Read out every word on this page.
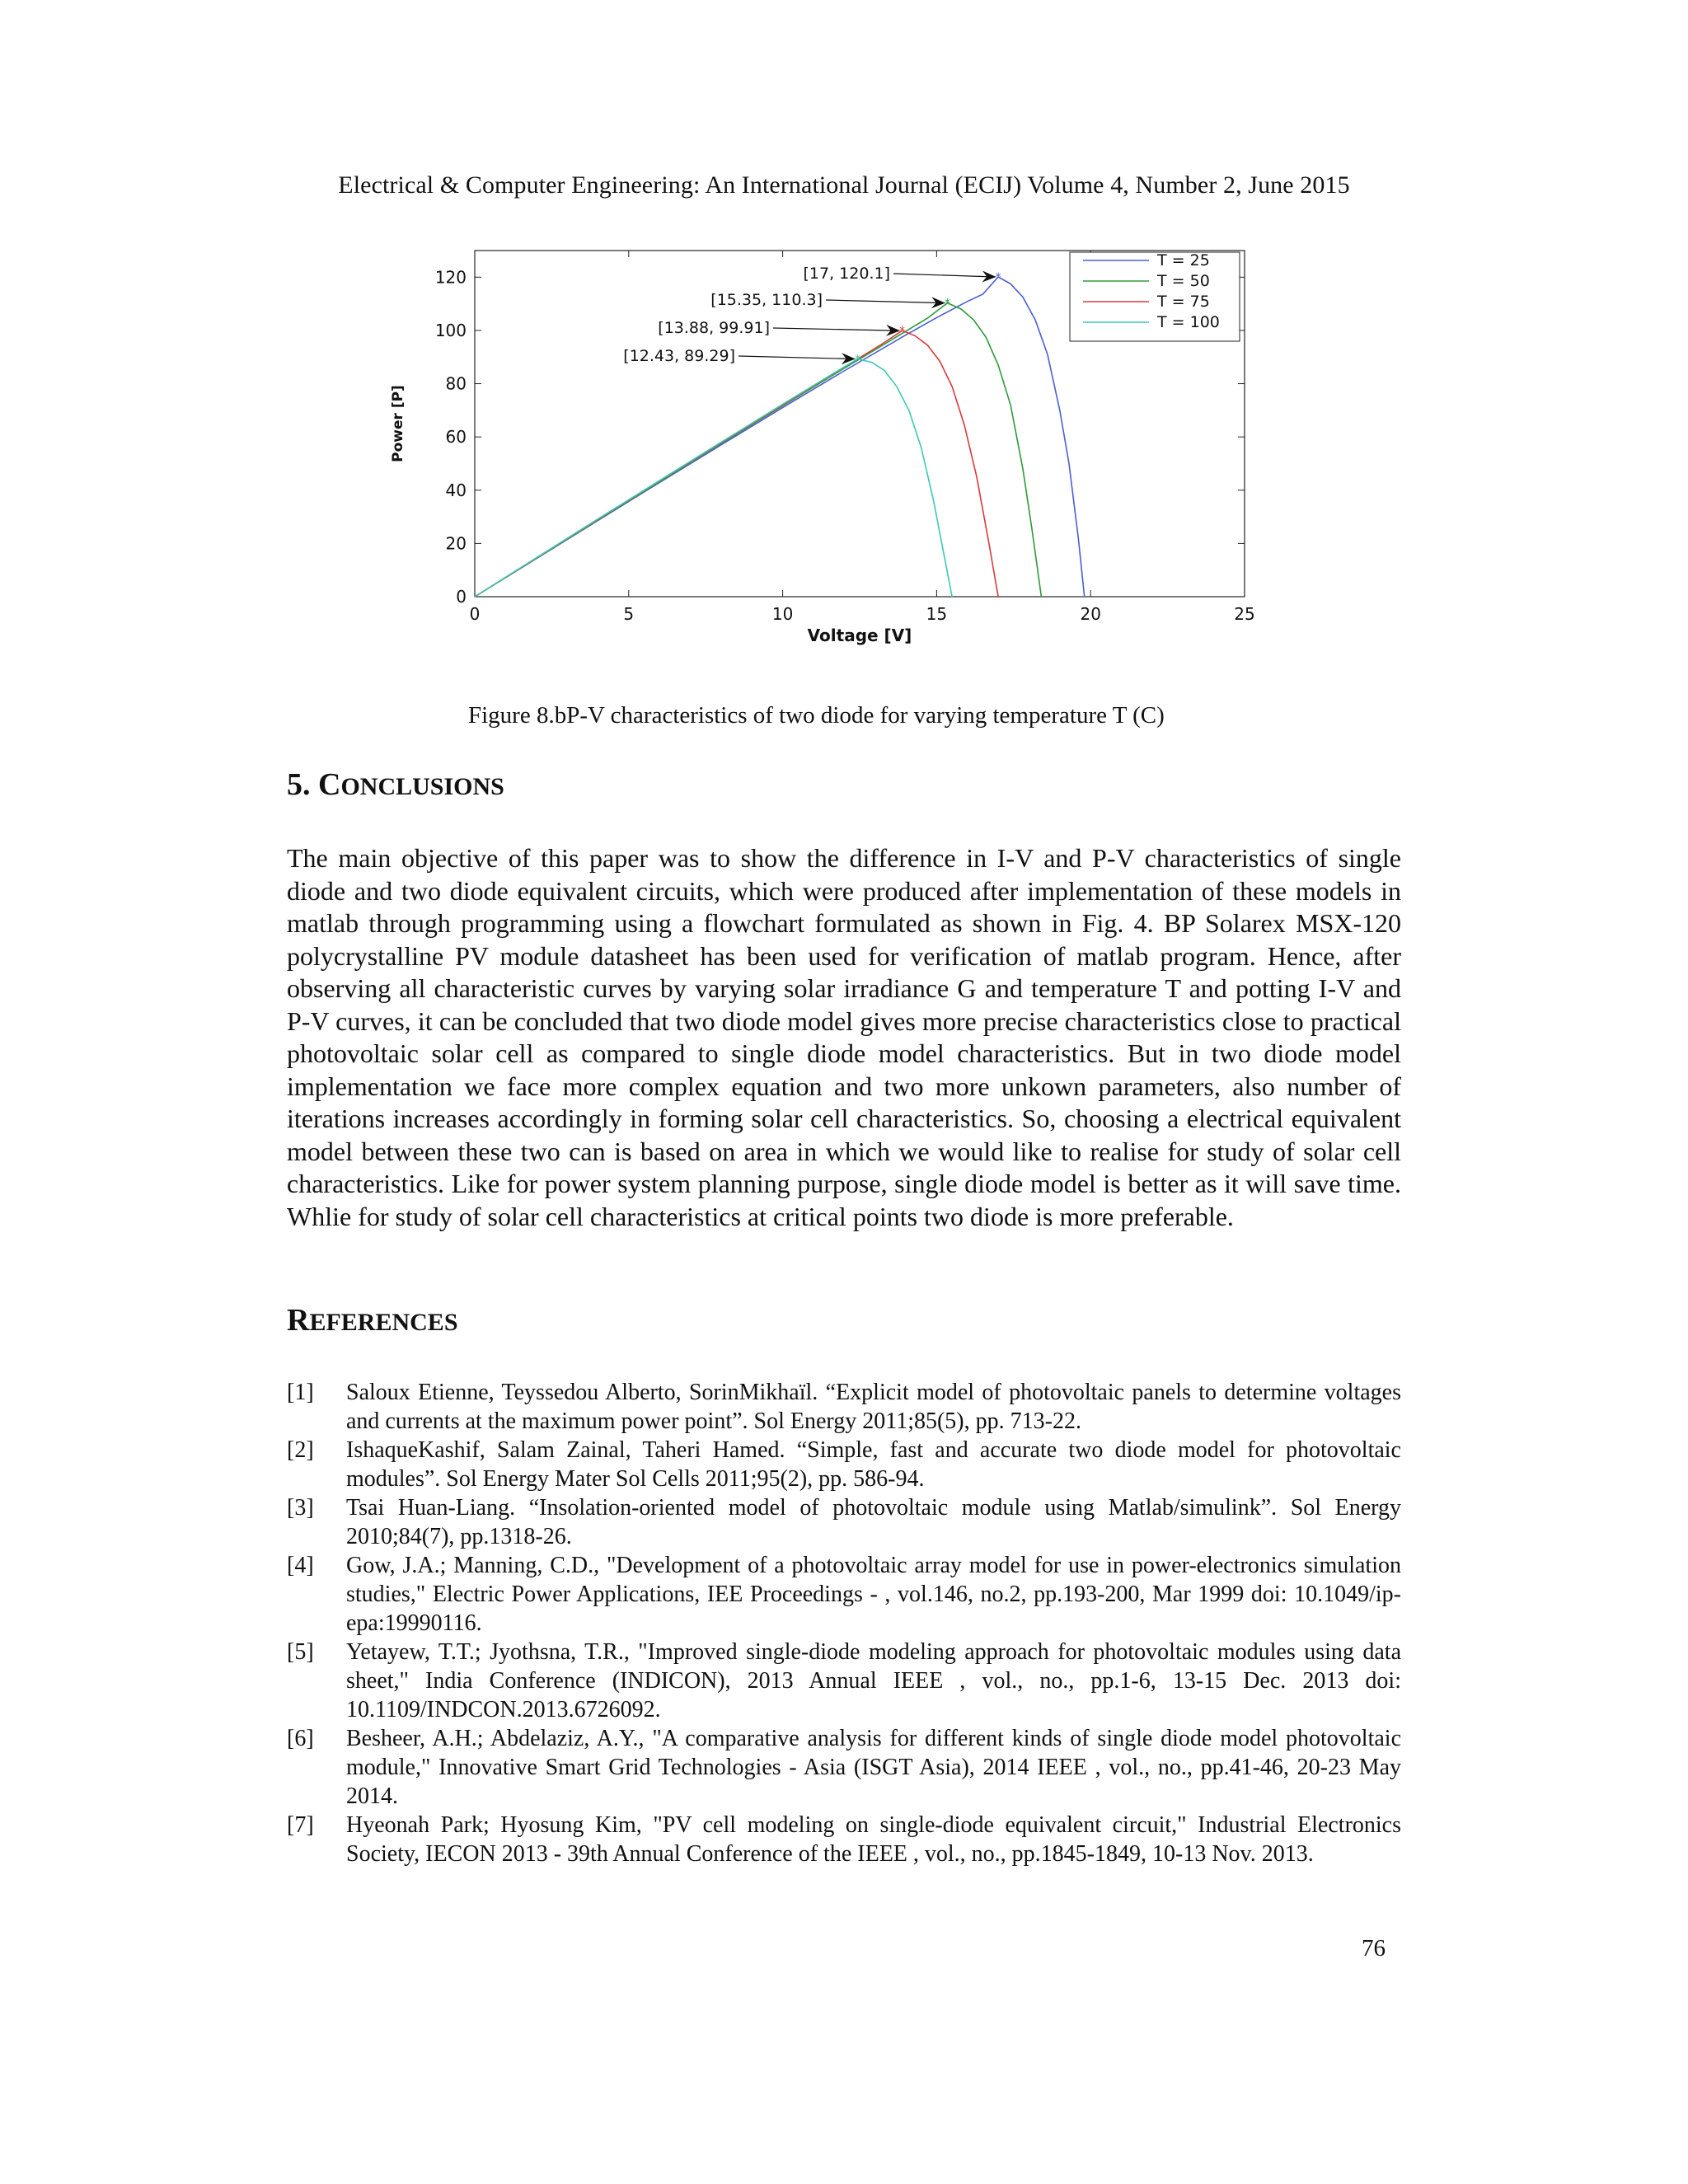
Electrical & Computer Engineering: An International Journal (ECIJ) Volume 4, Number 2, June 2015
0	5	10	15	20	25
0
20
40
60
80
100
120
Voltage [V]
Power [P]
*
*
*
*
[17, 120.1]
[15.35, 110.3]
[13.88, 99.91]
[12.43, 89.29]
T = 25
T = 50
T = 75
T = 100
Figure 8.bP-V characteristics of two diode for varying temperature T (C)
5. CONCLUSIONS

The main objective of this paper was to show the difference in I-V and P-V characteristics of single diode and two diode equivalent circuits, which were produced after implementation of these models in matlab through programming using a flowchart formulated as shown in Fig. 4. BP Solarex MSX-120 polycrystalline PV module datasheet has been used for verification of matlab program. Hence, after observing all characteristic curves by varying solar irradiance G and temperature T and potting I-V and P-V curves, it can be concluded that two diode model gives more precise characteristics close to practical photovoltaic solar cell as compared to single diode model characteristics. But in two diode model implementation we face more complex equation and two more unkown parameters, also number of iterations increases accordingly in forming solar cell characteristics. So, choosing a electrical equivalent model between these two can is based on area in which we would like to realise for study of solar cell characteristics. Like for power system planning purpose, single diode model is better as it will save time. Whlie for study of solar cell characteristics at critical points two diode is more preferable.

REFERENCES
[1] Saloux Etienne, Teyssedou Alberto, SorinMikhaïl. “Explicit model of photovoltaic panels to determine voltages and currents at the maximum power point”. Sol Energy 2011;85(5), pp. 713-22.
[2] IshaqueKashif, Salam Zainal, Taheri Hamed. “Simple, fast and accurate two diode model for photovoltaic modules”. Sol Energy Mater Sol Cells 2011;95(2), pp. 586-94.
[3] Tsai Huan-Liang. “Insolation-oriented model of photovoltaic module using Matlab/simulink”. Sol Energy 2010;84(7), pp.1318-26.
[4] Gow, J.A.; Manning, C.D., "Development of a photovoltaic array model for use in power-electronics simulation studies," Electric Power Applications, IEE Proceedings - , vol.146, no.2, pp.193-200, Mar 1999 doi: 10.1049/ip-epa:19990116.
[5] Yetayew, T.T.; Jyothsna, T.R., "Improved single-diode modeling approach for photovoltaic modules using data sheet," India Conference (INDICON), 2013 Annual IEEE , vol., no., pp.1-6, 13-15 Dec. 2013 doi: 10.1109/INDCON.2013.6726092.
[6] Besheer, A.H.; Abdelaziz, A.Y., "A comparative analysis for different kinds of single diode model photovoltaic module," Innovative Smart Grid Technologies - Asia (ISGT Asia), 2014 IEEE , vol., no., pp.41-46, 20-23 May 2014.
[7] Hyeonah Park; Hyosung Kim, "PV cell modeling on single-diode equivalent circuit," Industrial Electronics Society, IECON 2013 - 39th Annual Conference of the IEEE , vol., no., pp.1845-1849, 10-13 Nov. 2013.
76
